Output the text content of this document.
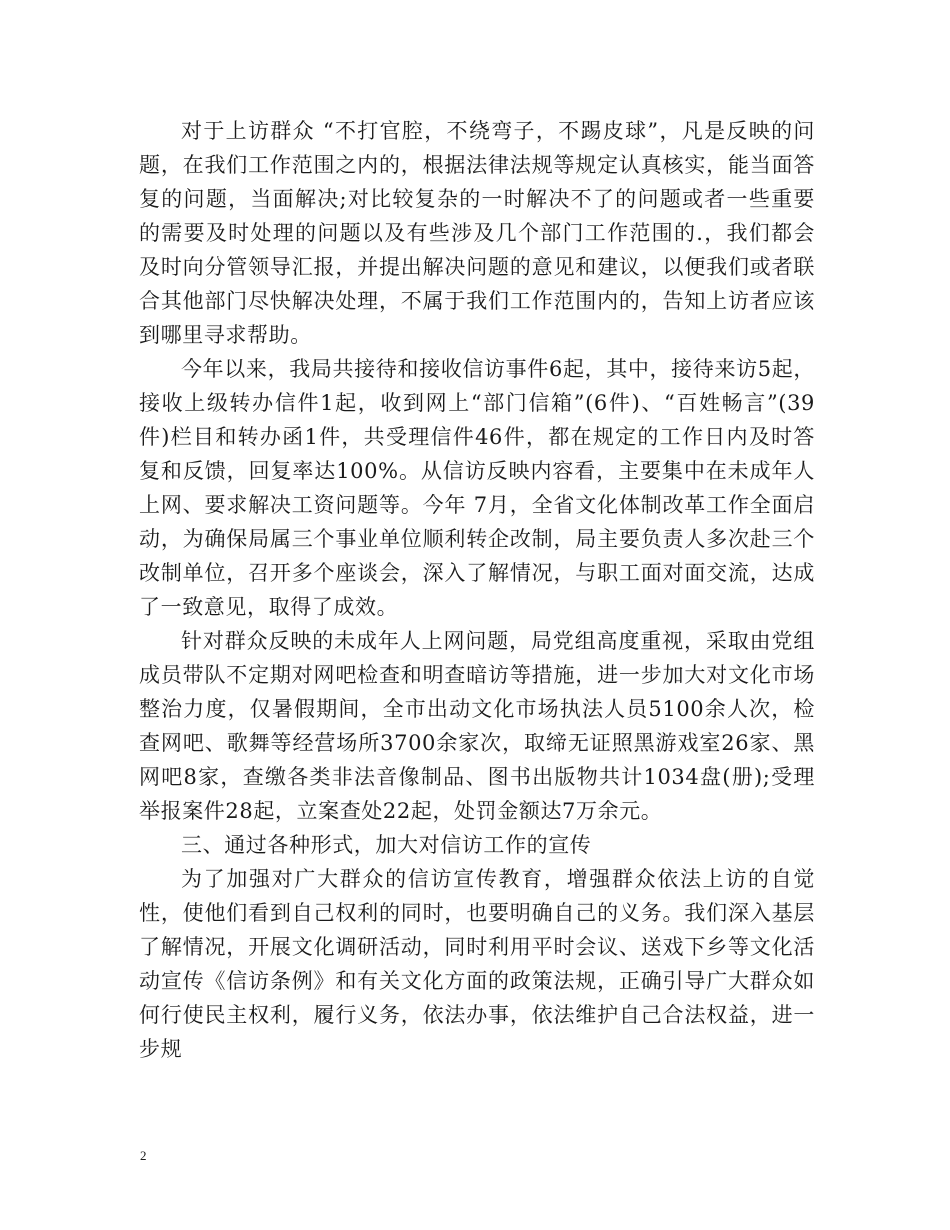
对于上访群众 “不打官腔，不绕弯子，不踢皮球”，凡是反映的问题，在我们工作范围之内的，根据法律法规等规定认真核实，能当面答复的问题，当面解决;对比较复杂的一时解决不了的问题或者一些重要的需要及时处理的问题以及有些涉及几个部门工作范围的.，我们都会及时向分管领导汇报，并提出解决问题的意见和建议，以便我们或者联合其他部门尽快解决处理，不属于我们工作范围内的，告知上访者应该到哪里寻求帮助。

今年以来，我局共接待和接收信访事件6起，其中，接待来访5起，接收上级转办信件1起，收到网上“部门信箱”(6件)、“百姓畅言”(39件)栏目和转办函1件，共受理信件46件，都在规定的工作日内及时答复和反馈，回复率达100%。从信访反映内容看，主要集中在未成年人上网、要求解决工资问题等。今年 7月，全省文化体制改革工作全面启动，为确保局属三个事业单位顺利转企改制，局主要负责人多次赴三个改制单位，召开多个座谈会，深入了解情况，与职工面对面交流，达成了一致意见，取得了成效。

针对群众反映的未成年人上网问题，局党组高度重视，采取由党组成员带队不定期对网吧检查和明查暗访等措施，进一步加大对文化市场整治力度，仅暑假期间，全市出动文化市场执法人员5100余人次，检查网吧、歌舞等经营场所3700余家次，取缔无证照黑游戏室26家、黑网吧8家，查缴各类非法音像制品、图书出版物共计1034盘(册);受理举报案件28起，立案查处22起，处罚金额达7万余元。

三、通过各种形式，加大对信访工作的宣传

为了加强对广大群众的信访宣传教育，增强群众依法上访的自觉性，使他们看到自己权利的同时，也要明确自己的义务。我们深入基层了解情况，开展文化调研活动，同时利用平时会议、送戏下乡等文化活动宣传《信访条例》和有关文化方面的政策法规，正确引导广大群众如何行使民主权利，履行义务，依法办事，依法维护自己合法权益，进一步规

2
